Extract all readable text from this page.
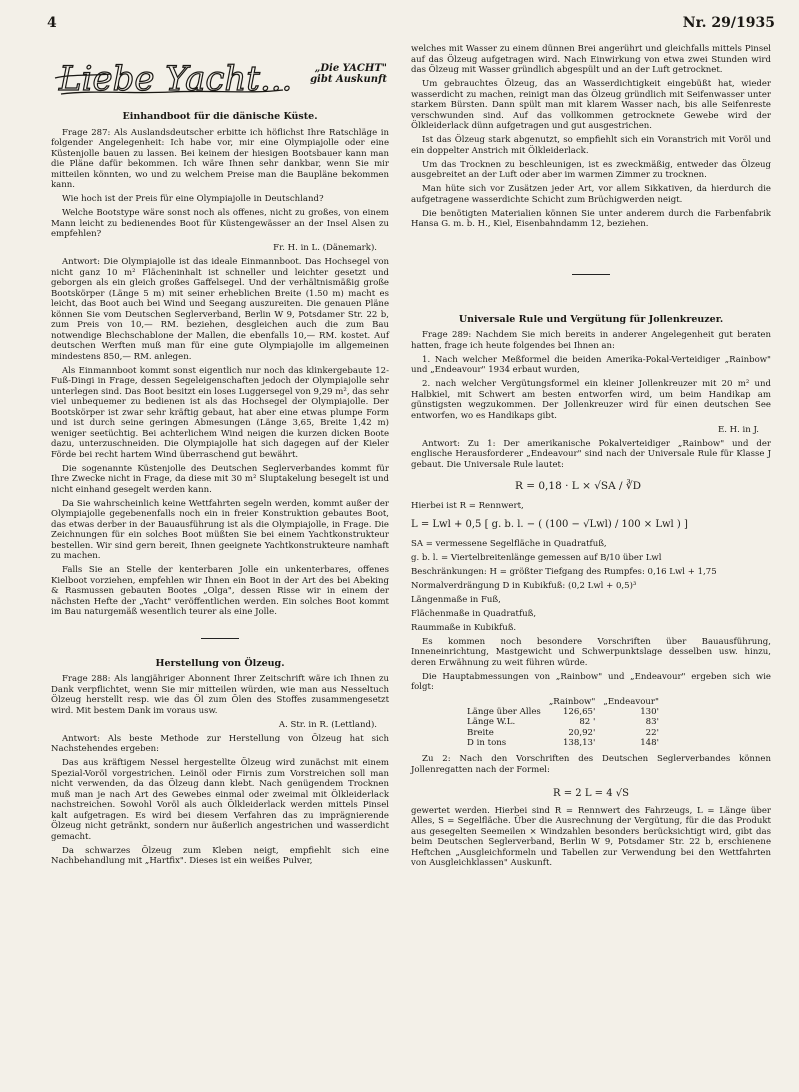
4	Nr. 29/1935
Liebe Yacht...	„Die YACHT"
gibt Auskunft
Einhandboot für die dänische Küste.

Frage 287: Als Auslandsdeutscher erbitte ich höflichst Ihre Ratschläge in folgender Angelegenheit: Ich habe vor, mir eine Olympiajolle oder eine Küstenjolle bauen zu lassen. Bei keinem der hiesigen Bootsbauer kann man die Pläne dafür bekommen. Ich wäre Ihnen sehr dankbar, wenn Sie mir mitteilen könnten, wo und zu welchem Preise man die Baupläne bekommen kann.

Wie hoch ist der Preis für eine Olympiajolle in Deutschland?

Welche Bootstype wäre sonst noch als offenes, nicht zu großes, von einem Mann leicht zu bedienendes Boot für Küstengewässer an der Insel Alsen zu empfehlen?

Fr. H. in L. (Dänemark).

Antwort: Die Olympiajolle ist das ideale Einmannboot. Das Hochsegel von nicht ganz 10 m² Flächeninhalt ist schneller und leichter gesetzt und geborgen als ein gleich großes Gaffelsegel. Und der verhältnismäßig große Bootskörper (Länge 5 m) mit seiner erheblichen Breite (1.50 m) macht es leicht, das Boot auch bei Wind und Seegang auszureiten. Die genauen Pläne können Sie vom Deutschen Seglerverband, Berlin W 9, Potsdamer Str. 22 b, zum Preis von 10,— RM. beziehen, desgleichen auch die zum Bau notwendige Blechschablone der Mallen, die ebenfalls 10,— RM. kostet. Auf deutschen Werften muß man für eine gute Olympiajolle im allgemeinen mindestens 850,— RM. anlegen.

Als Einmannboot kommt sonst eigentlich nur noch das klinkergebaute 12-Fuß-Dingi in Frage, dessen Segeleigenschaften jedoch der Olympiajolle sehr unterlegen sind. Das Boot besitzt ein loses Luggersegel von 9,29 m², das sehr viel unbequemer zu bedienen ist als das Hochsegel der Olympiajolle. Der Bootskörper ist zwar sehr kräftig gebaut, hat aber eine etwas plumpe Form und ist durch seine geringen Abmesungen (Länge 3,65, Breite 1,42 m) weniger seetüchtig. Bei achterlichem Wind neigen die kurzen dicken Boote dazu, unterzuschneiden. Die Olympiajolle hat sich dagegen auf der Kieler Förde bei recht hartem Wind überraschend gut bewährt.

Die sogenannte Küstenjolle des Deutschen Seglerverbandes kommt für Ihre Zwecke nicht in Frage, da diese mit 30 m² Sluptakelung besegelt ist und nicht einhand gesegelt werden kann.

Da Sie wahrscheinlich keine Wettfahrten segeln werden, kommt außer der Olympiajolle gegebenenfalls noch ein in freier Konstruktion gebautes Boot, das etwas derber in der Bauausführung ist als die Olympiajolle, in Frage. Die Zeichnungen für ein solches Boot müßten Sie bei einem Yachtkonstrukteur bestellen. Wir sind gern bereit, Ihnen geeignete Yachtkonstrukteure namhaft zu machen.

Falls Sie an Stelle der kenterbaren Jolle ein unkenterbares, offenes Kielboot vorziehen, empfehlen wir Ihnen ein Boot in der Art des bei Abeking & Rasmussen gebauten Bootes „Olga", dessen Risse wir in einem der nächsten Hefte der „Yacht" veröffentlichen werden. Ein solches Boot kommt im Bau naturgemäß wesentlich teurer als eine Jolle.

Herstellung von Ölzeug.

Frage 288: Als langjähriger Abonnent Ihrer Zeitschrift wäre ich Ihnen zu Dank verpflichtet, wenn Sie mir mitteilen würden, wie man aus Nesseltuch Ölzeug herstellt resp. wie das Öl zum Ölen des Stoffes zusammengesetzt wird. Mit bestem Dank im voraus usw.

A. Str. in R. (Lettland).

Antwort: Als beste Methode zur Herstellung von Ölzeug hat sich Nachstehendes ergeben:

Das aus kräftigem Nessel hergestellte Ölzeug wird zunächst mit einem Spezial-Voröl vorgestrichen. Leinöl oder Firnis zum Vorstreichen soll man nicht verwenden, da das Ölzeug dann klebt. Nach genügendem Trocknen muß man je nach Art des Gewebes einmal oder zweimal mit Ölkleiderlack nachstreichen. Sowohl Voröl als auch Ölkleiderlack werden mittels Pinsel kalt aufgetragen. Es wird bei diesem Verfahren das zu imprägnierende Ölzeug nicht getränkt, sondern nur äußerlich angestrichen und wasserdicht gemacht.

Da schwarzes Ölzeug zum Kleben neigt, empfiehlt sich eine Nachbehandlung mit „Hartfix". Dieses ist ein weißes Pulver,

welches mit Wasser zu einem dünnen Brei angerührt und gleichfalls mittels Pinsel auf das Ölzeug aufgetragen wird. Nach Einwirkung von etwa zwei Stunden wird das Ölzeug mit Wasser gründlich abgespült und an der Luft getrocknet.

Um gebrauchtes Ölzeug, das an Wasserdichtigkeit eingebüßt hat, wieder wasserdicht zu machen, reinigt man das Ölzeug gründlich mit Seifenwasser unter starkem Bürsten. Dann spült man mit klarem Wasser nach, bis alle Seifenreste verschwunden sind. Auf das vollkommen getrocknete Gewebe wird der Ölkleiderlack dünn aufgetragen und gut ausgestrichen.

Ist das Ölzeug stark abgenutzt, so empfiehlt sich ein Voranstrich mit Voröl und ein doppelter Anstrich mit Ölkleiderlack.

Um das Trocknen zu beschleunigen, ist es zweckmäßig, entweder das Ölzeug ausgebreitet an der Luft oder aber im warmen Zimmer zu trocknen.

Man hüte sich vor Zusätzen jeder Art, vor allem Sikkativen, da hierdurch die aufgetragene wasserdichte Schicht zum Brüchigwerden neigt.

Die benötigten Materialien können Sie unter anderem durch die Farbenfabrik Hansa G. m. b. H., Kiel, Eisenbahndamm 12, beziehen.

Universale Rule und Vergütung für Jollenkreuzer.

Frage 289: Nachdem Sie mich bereits in anderer Angelegenheit gut beraten hatten, frage ich heute folgendes bei Ihnen an:

1. Nach welcher Meßformel die beiden Amerika-Pokal-Verteidiger „Rainbow" und „Endeavour" 1934 erbaut wurden,

2. nach welcher Vergütungsformel ein kleiner Jollenkreuzer mit 20 m² und Halbkiel, mit Schwert am besten entworfen wird, um beim Handikap am günstigsten wegzukommen. Der Jollenkreuzer wird für einen deutschen See entworfen, wo es Handikaps gibt.

E. H. in J.

Antwort: Zu 1: Der amerikanische Pokalverteidiger „Rainbow" und der englische Herausforderer „Endeavour" sind nach der Universale Rule für Klasse J gebaut. Die Universale Rule lautet:

R = 0,18 · L × √SA / ∛D

Hierbei ist R = Rennwert,

L = Lwl + 0,5 [ g. b. l. − ( (100 − √Lwl) / 100 × Lwl ) ]

SA = vermessene Segelfläche in Quadratfuß,

g. b. l. = Viertelbreitenlänge gemessen auf B/10 über Lwl

Beschränkungen: H = größter Tiefgang des Rumpfes: 0,16 Lwl + 1,75

Normalverdrängung D in Kubikfuß: (0,2 Lwl + 0,5)³

Längenmaße in Fuß,

Flächenmaße in Quadratfuß,

Raummaße in Kubikfuß.

Es kommen noch besondere Vorschriften über Bauausführung, Inneneinrichtung, Mastgewicht und Schwerpunktslage desselben usw. hinzu, deren Erwähnung zu weit führen würde.

Die Hauptabmessungen von „Rainbow" und „Endeavour" ergeben sich wie folgt:

	„Rainbow"	„Endeavour"
Länge über Alles	126,65'	130'
Länge W.L.	82 '	83'
Breite	20,92'	22'
D in tons	138,13'	148'

Zu 2: Nach den Vorschriften des Deutschen Seglerverbandes können Jollenregatten nach der Formel:

R = 2 L = 4 √S

gewertet werden. Hierbei sind R = Rennwert des Fahrzeugs, L = Länge über Alles, S = Segelfläche. Über die Ausrechnung der Vergütung, für die das Produkt aus gesegelten Seemeilen × Windzahlen besonders berücksichtigt wird, gibt das beim Deutschen Seglerverband, Berlin W 9, Potsdamer Str. 22 b, erschienene Heftchen „Ausgleichformeln und Tabellen zur Verwendung bei den Wettfahrten von Ausgleichklassen" Auskunft.
